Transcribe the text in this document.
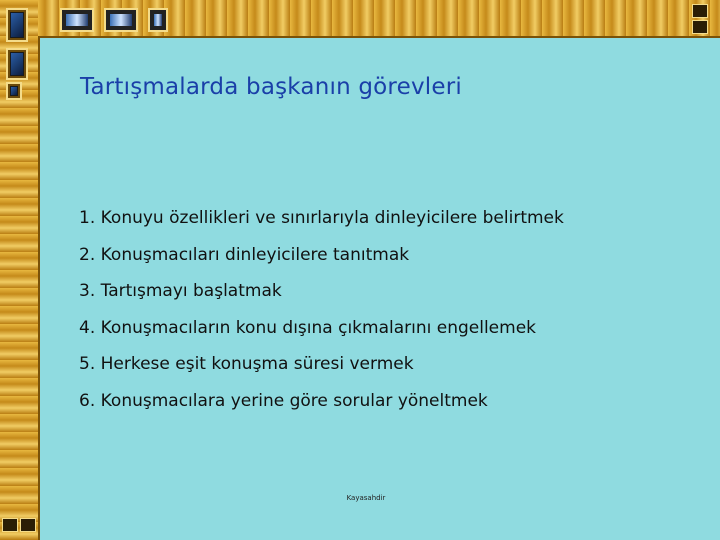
Tartışmalarda başkanın görevleri
1. Konuyu özellikleri ve sınırlarıyla dinleyicilere belirtmek
2. Konuşmacıları dinleyicilere tanıtmak
3. Tartışmayı başlatmak
4. Konuşmacıların konu dışına çıkmalarını engellemek
5. Herkese eşit konuşma süresi vermek
6. Konuşmacılara yerine göre sorular yöneltmek
Kayasahdir
